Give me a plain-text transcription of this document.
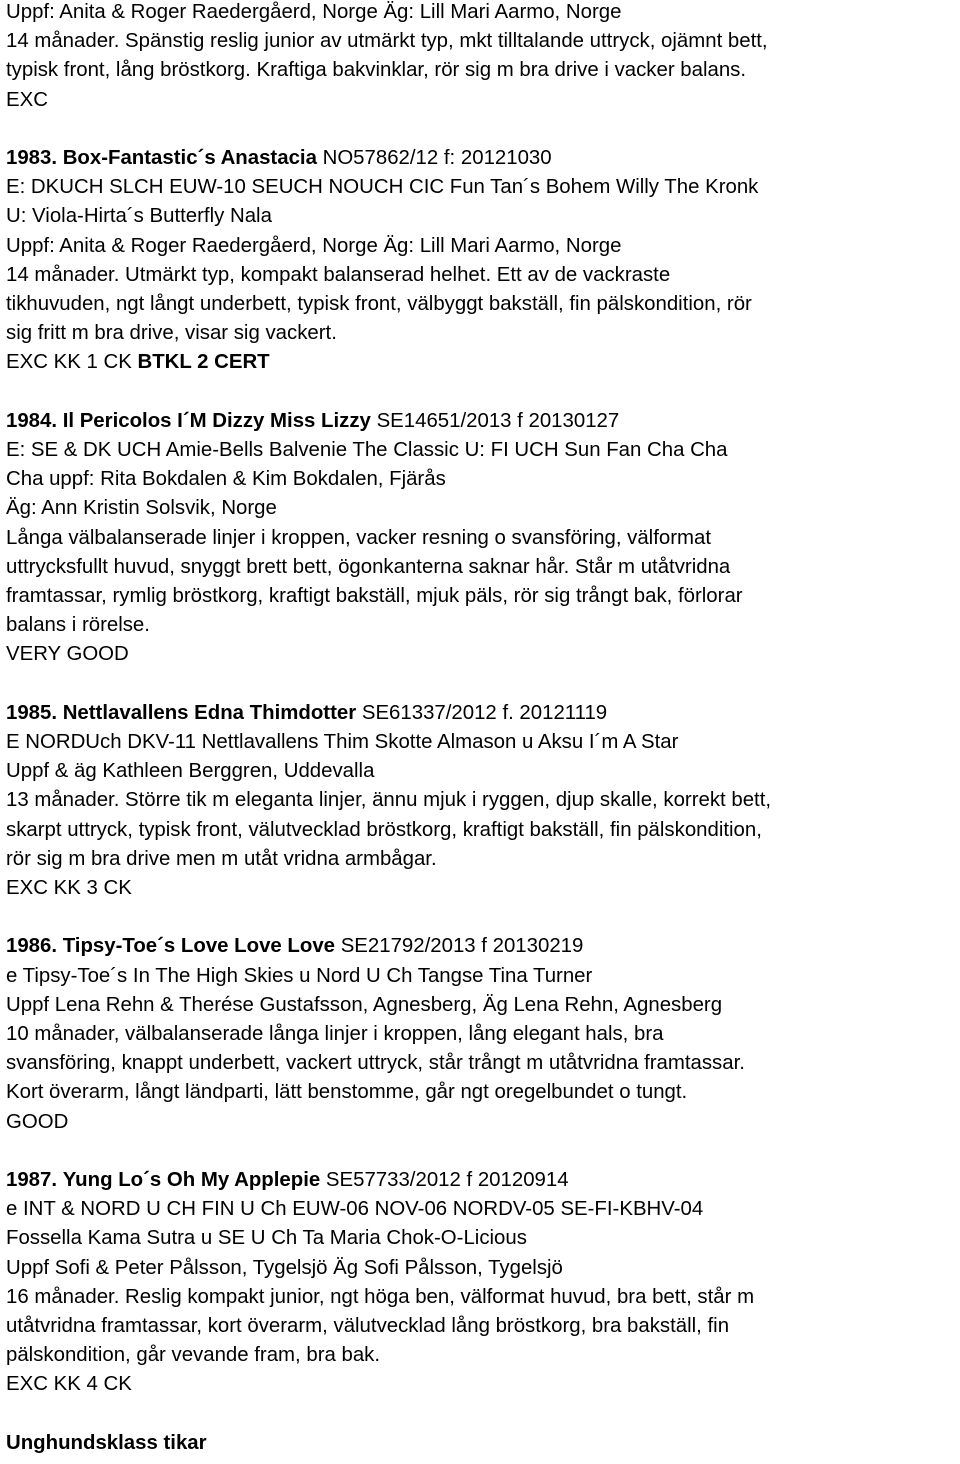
Uppf: Anita & Roger Raedergåerd, Norge Äg: Lill Mari Aarmo, Norge
14 månader. Spänstig reslig junior av utmärkt typ, mkt tilltalande uttryck, ojämnt bett,
typisk front, lång bröstkorg. Kraftiga bakvinklar, rör sig m bra drive i vacker balans.
EXC
1983. Box-Fantastic´s Anastacia NO57862/12 f: 20121030
E: DKUCH SLCH EUW-10 SEUCH NOUCH CIC Fun Tan´s Bohem Willy The Kronk
U: Viola-Hirta´s Butterfly Nala
Uppf: Anita & Roger Raedergåerd, Norge Äg: Lill Mari Aarmo, Norge
14 månader. Utmärkt typ, kompakt balanserad helhet. Ett av de vackraste
tikhuvuden, ngt långt underbett, typisk front, välbyggt bakställ, fin pälskondition, rör
sig fritt m bra drive, visar sig vackert.
EXC KK 1 CK BTKL 2 CERT
1984. Il Pericolos I´M Dizzy Miss Lizzy SE14651/2013 f 20130127
E: SE & DK UCH Amie-Bells Balvenie The Classic U: FI UCH Sun Fan Cha Cha
Cha uppf: Rita Bokdalen & Kim Bokdalen, Fjärås
Äg: Ann Kristin Solsvik, Norge
Långa välbalanserade linjer i kroppen, vacker resning o svansföring, välformat
uttrycksfullt huvud, snyggt brett bett, ögonkanterna saknar hår. Står m utåtvridna
framtassar, rymlig bröstkorg, kraftigt bakställ, mjuk päls, rör sig trångt bak, förlorar
balans i rörelse.
VERY GOOD
1985. Nettlavallens Edna Thimdotter SE61337/2012 f. 20121119
E NORDUch DKV-11 Nettlavallens Thim Skotte Almason u Aksu I´m A Star
Uppf & äg Kathleen Berggren, Uddevalla
13 månader. Större tik m eleganta linjer, ännu mjuk i ryggen, djup skalle, korrekt bett,
skarpt uttryck, typisk front, välutvecklad bröstkorg, kraftigt bakställ, fin pälskondition,
rör sig m bra drive men m utåt vridna armbågar.
EXC KK 3 CK
1986. Tipsy-Toe´s Love Love Love SE21792/2013 f 20130219
e Tipsy-Toe´s In The High Skies u Nord U Ch Tangse Tina Turner
Uppf Lena Rehn & Therése Gustafsson, Agnesberg, Äg Lena Rehn, Agnesberg
10 månader, välbalanserade långa linjer i kroppen, lång elegant hals, bra
svansföring, knappt underbett, vackert uttryck, står trångt m utåtvridna framtassar.
Kort överarm, långt ländparti, lätt benstomme, går ngt oregelbundet o tungt.
GOOD
1987. Yung Lo´s Oh My Applepie SE57733/2012 f 20120914
e INT & NORD U CH FIN U Ch EUW-06 NOV-06 NORDV-05 SE-FI-KBHV-04
Fossella Kama Sutra u SE U Ch Ta Maria Chok-O-Licious
Uppf Sofi & Peter Pålsson, Tygelsjö Äg Sofi Pålsson, Tygelsjö
16 månader. Reslig kompakt junior, ngt höga ben, välformat huvud, bra bett, står m
utåtvridna framtassar, kort överarm, välutvecklad lång bröstkorg, bra bakställ, fin
pälskondition, går vevande fram, bra bak.
EXC KK 4 CK
Unghundsklass tikar
